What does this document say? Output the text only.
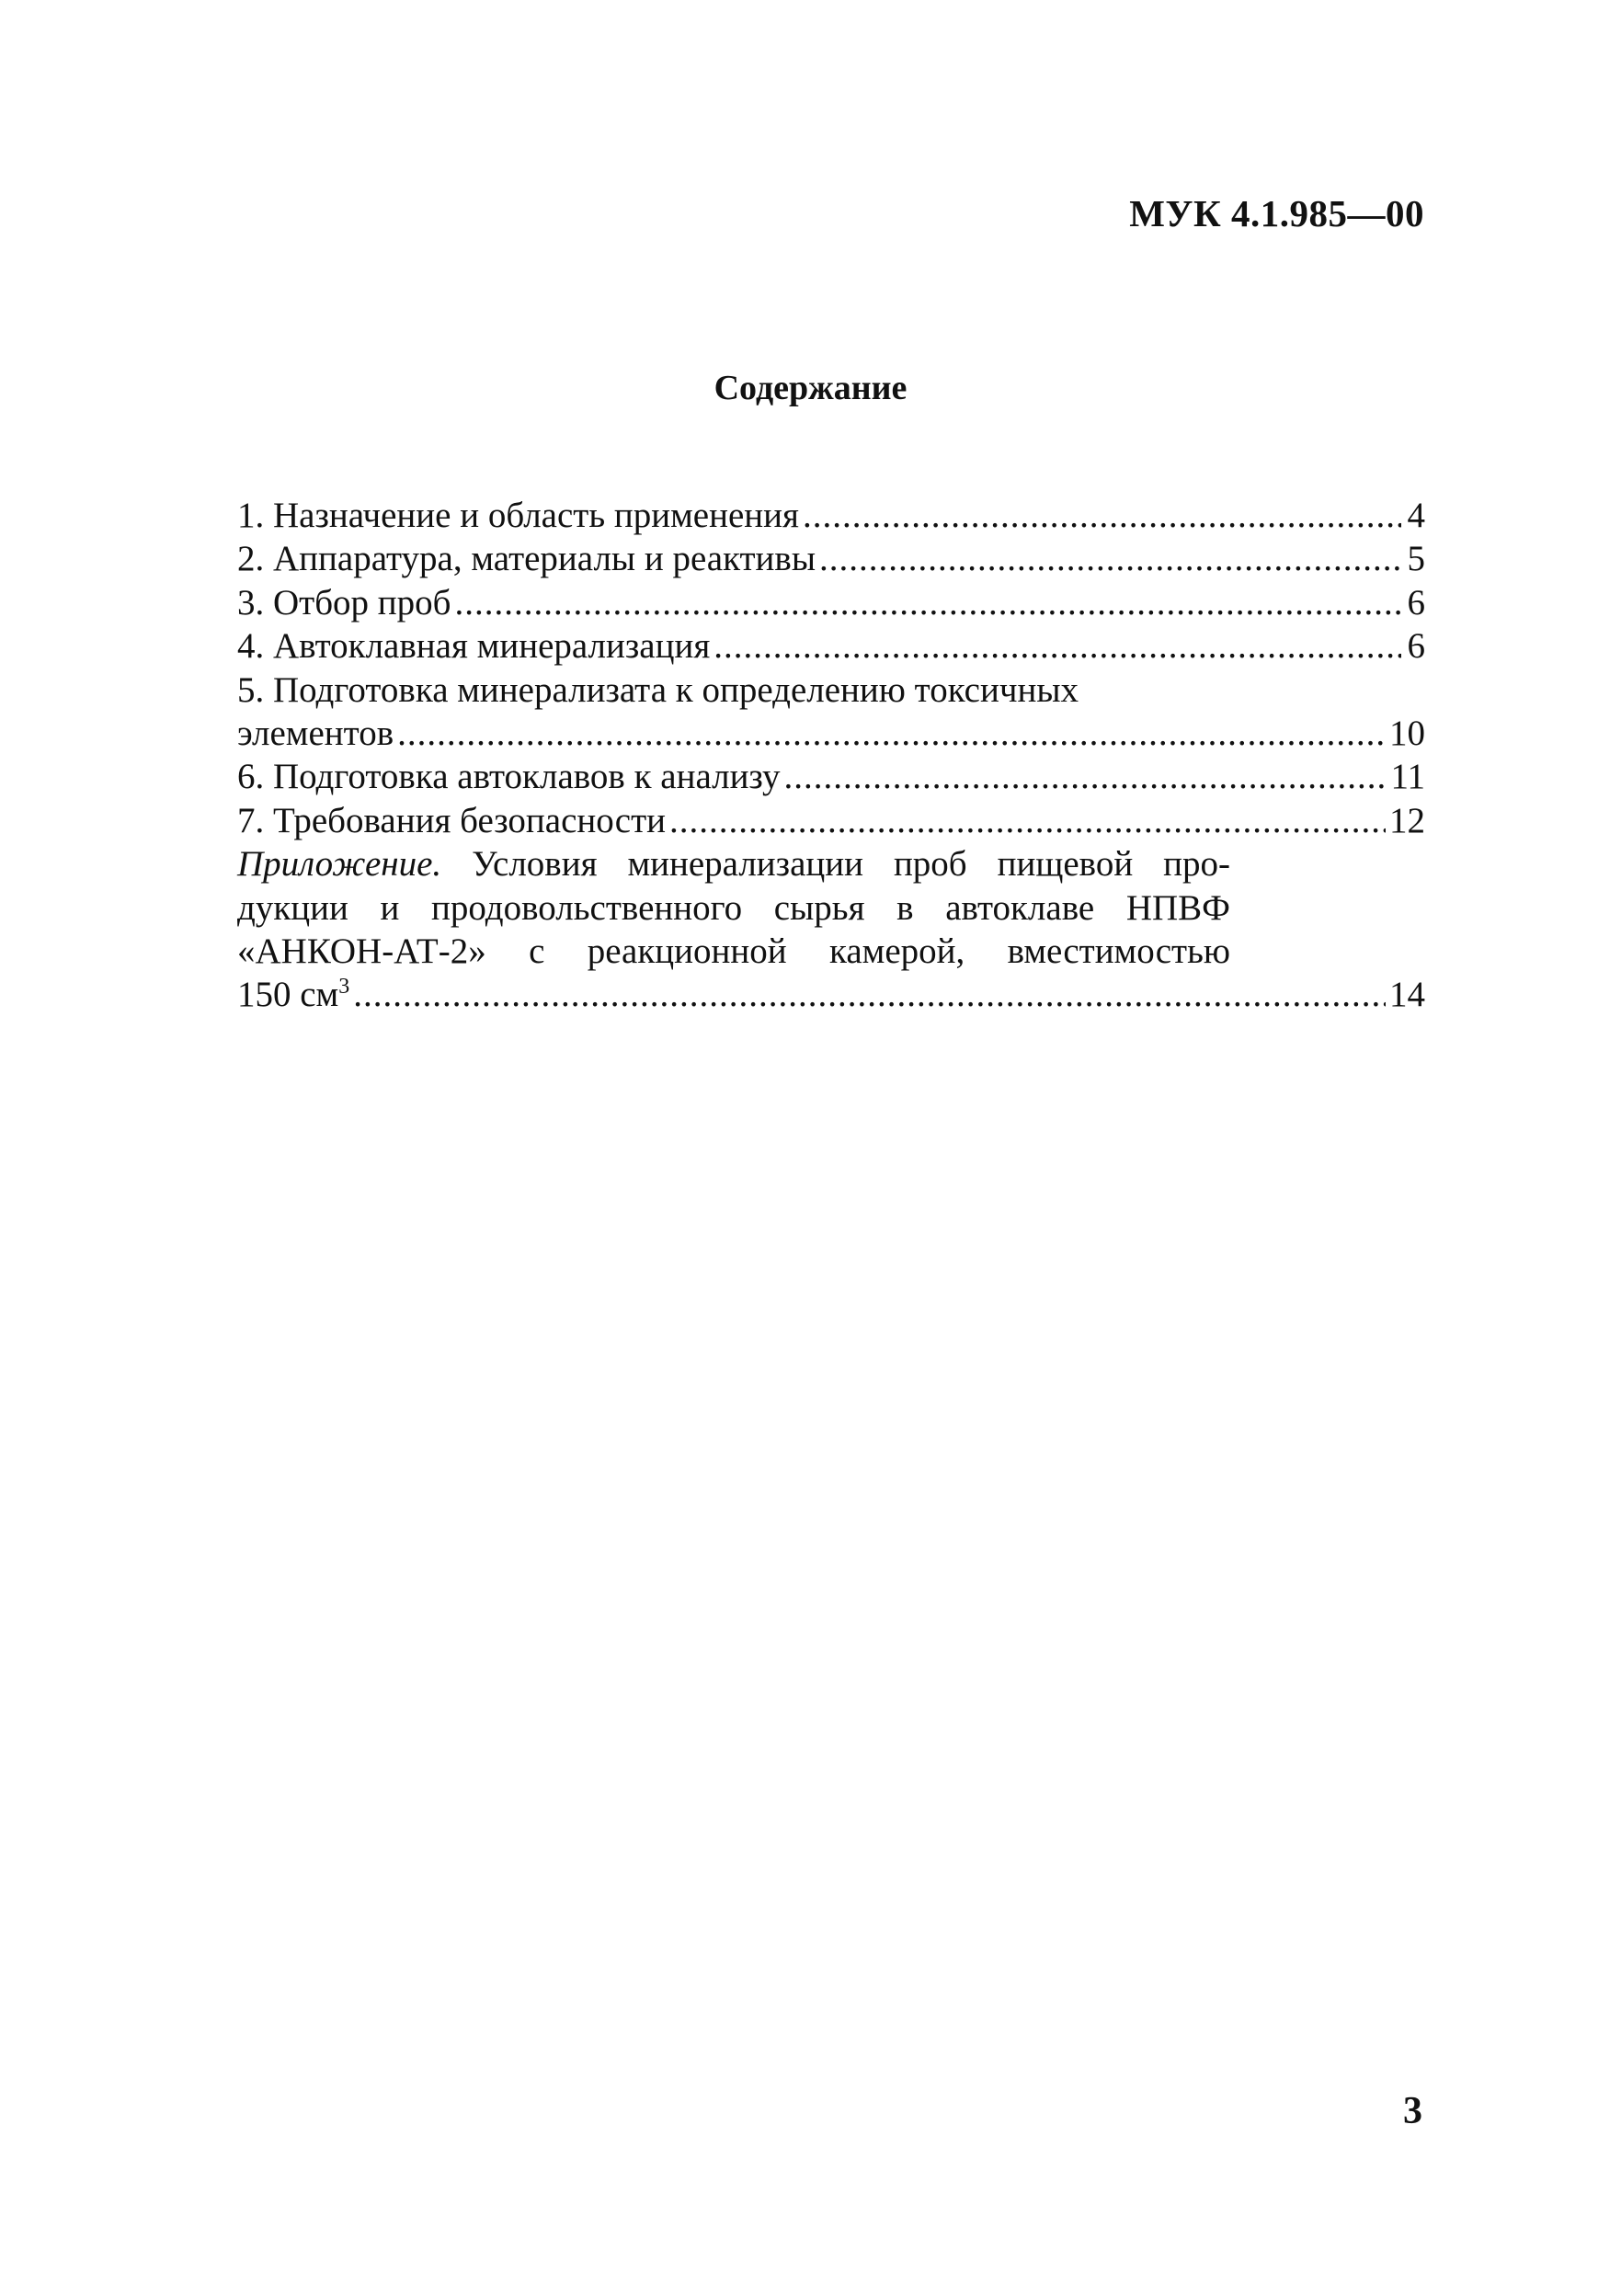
МУК 4.1.985—00
Содержание
1. Назначение и область применения .....	4
2. Аппаратура, материалы и реактивы .....	5
3. Отбор проб .....	6
4. Автоклавная минерализация .....	6
5. Подготовка минерализата к определению токсичных
элементов .....	10
6. Подготовка автоклавов к анализу .....	11
7. Требования безопасности .....	12
Приложение. Условия минерализации проб пищевой про-
дукции и продовольственного сырья в автоклаве НПВФ
«АНКОН-АТ-2» с реакционной камерой, вместимостью
150 $см^3$ .....	14
3
